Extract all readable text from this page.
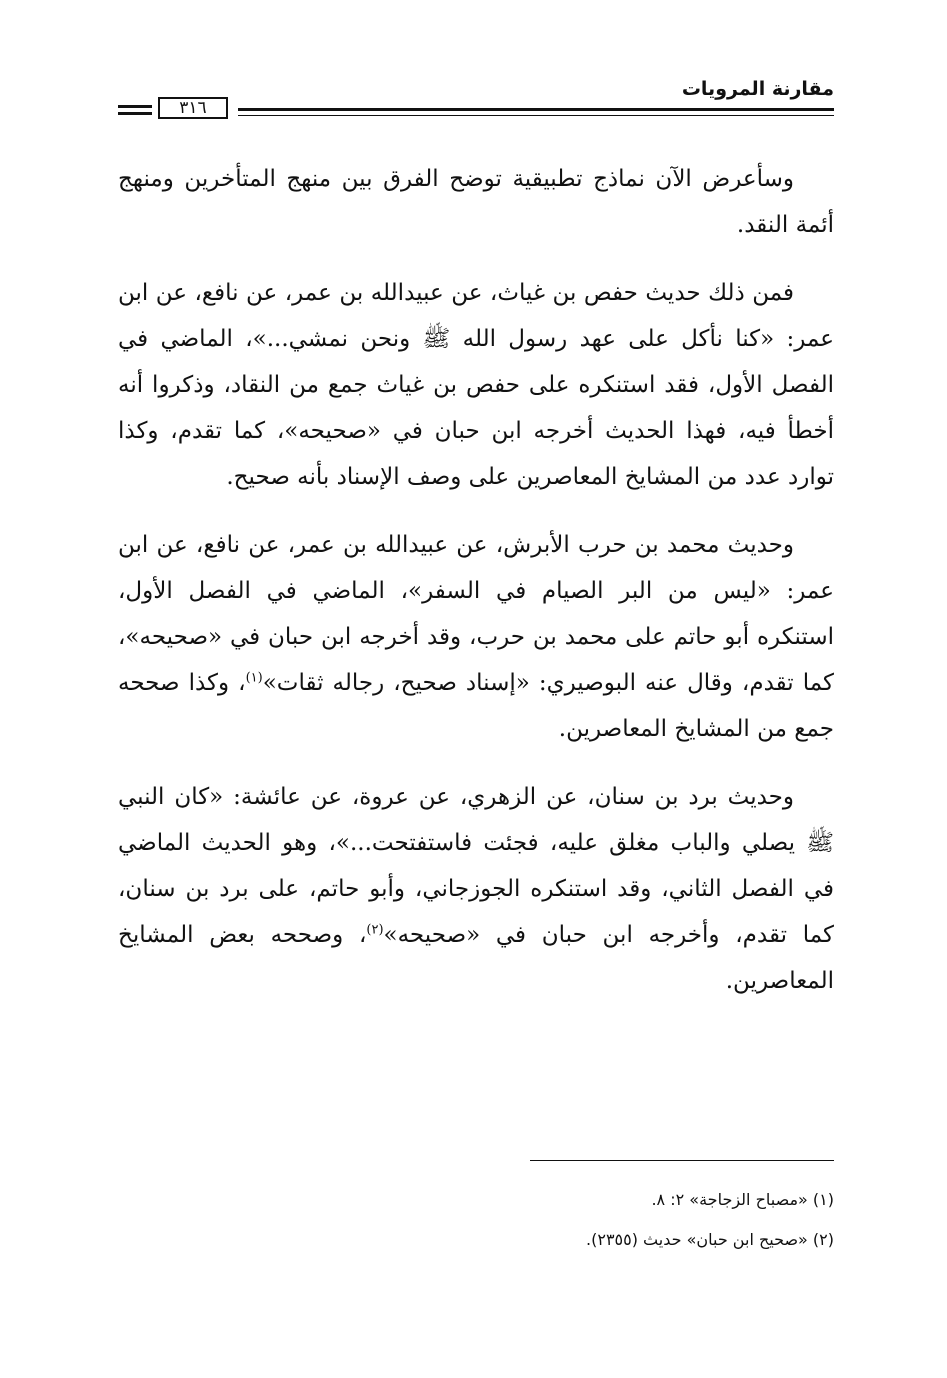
مقارنة المرويات
٣١٦

وسأعرض الآن نماذج تطبيقية توضح الفرق بين منهج المتأخرين ومنهج أئمة النقد.

فمن ذلك حديث حفص بن غياث، عن عبيدالله بن عمر، عن نافع، عن ابن عمر: «كنا نأكل على عهد رسول الله ﷺ ونحن نمشي...»، الماضي في الفصل الأول، فقد استنكره على حفص بن غياث جمع من النقاد، وذكروا أنه أخطأ فيه، فهذا الحديث أخرجه ابن حبان في «صحيحه»، كما تقدم، وكذا توارد عدد من المشايخ المعاصرين على وصف الإسناد بأنه صحيح.

وحديث محمد بن حرب الأبرش، عن عبيدالله بن عمر، عن نافع، عن ابن عمر: «ليس من البر الصيام في السفر»، الماضي في الفصل الأول، استنكره أبو حاتم على محمد بن حرب، وقد أخرجه ابن حبان في «صحيحه»، كما تقدم، وقال عنه البوصيري: «إسناد صحيح، رجاله ثقات»$^{(١)}$، وكذا صححه جمع من المشايخ المعاصرين.

وحديث برد بن سنان، عن الزهري، عن عروة، عن عائشة: «كان النبي ﷺ يصلي والباب مغلق عليه، فجئت فاستفتحت...»، وهو الحديث الماضي في الفصل الثاني، وقد استنكره الجوزجاني، وأبو حاتم، على برد بن سنان، كما تقدم، وأخرجه ابن حبان في «صحيحه»$^{(٢)}$، وصححه بعض المشايخ المعاصرين.

(١) «مصباح الزجاجة» ٢: ٨.
(٢) «صحيح ابن حبان» حديث (٢٣٥٥).
